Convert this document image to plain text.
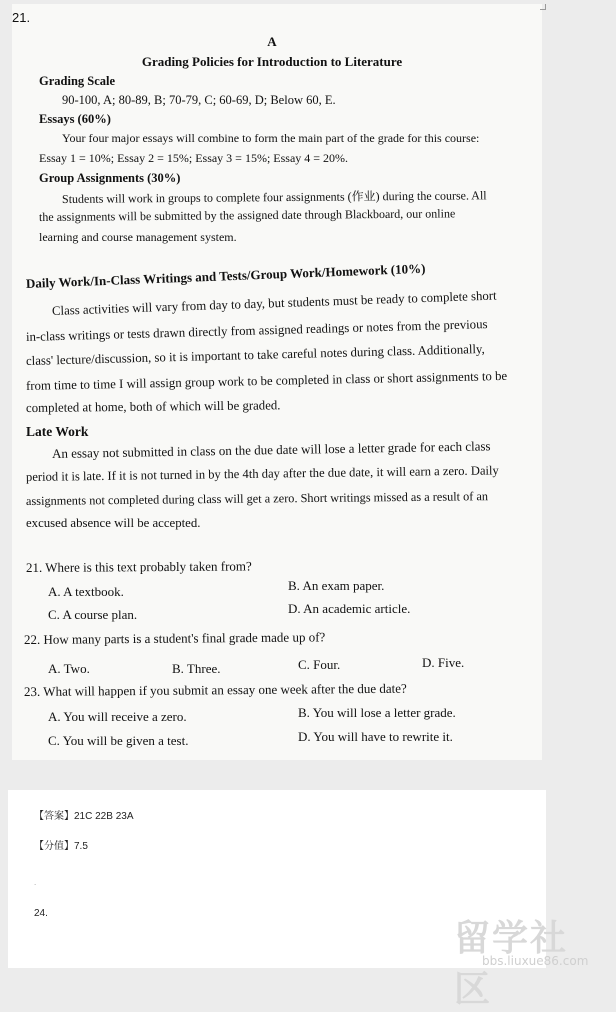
21.
A
Grading Policies for Introduction to Literature
Grading Scale
90-100, A; 80-89, B; 70-79, C; 60-69, D; Below 60, E.
Essays (60%)
Your four major essays will combine to form the main part of the grade for this course:
Essay 1 = 10%; Essay 2 = 15%; Essay 3 = 15%; Essay 4 = 20%.
Group Assignments (30%)
Students will work in groups to complete four assignments (作业) during the course. All
the assignments will be submitted by the assigned date through Blackboard, our online
learning and course management system.
Daily Work/In-Class Writings and Tests/Group Work/Homework (10%)
Class activities will vary from day to day, but students must be ready to complete short
in-class writings or tests drawn directly from assigned readings or notes from the previous
class' lecture/discussion, so it is important to take careful notes during class. Additionally,
from time to time I will assign group work to be completed in class or short assignments to be
completed at home, both of which will be graded.
Late Work
An essay not submitted in class on the due date will lose a letter grade for each class
period it is late. If it is not turned in by the 4th day after the due date, it will earn a zero. Daily
assignments not completed during class will get a zero. Short writings missed as a result of an
excused absence will be accepted.
21. Where is this text probably taken from?
A. A textbook.	B. An exam paper.
C. A course plan.	D. An academic article.
22. How many parts is a student's final grade made up of?
A. Two.	B. Three.	C. Four.	D. Five.
23. What will happen if you submit an essay one week after the due date?
A. You will receive a zero.	B. You will lose a letter grade.
C. You will be given a test.	D. You will have to rewrite it.
【答案】21C 22B 23A
【分值】7.5
.
24.
留学社区
bbs.liuxue86.com
